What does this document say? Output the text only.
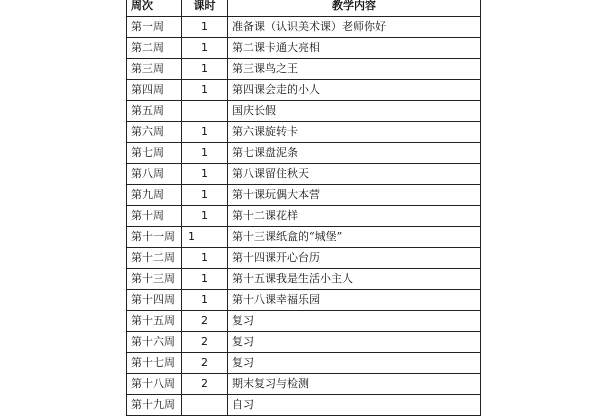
周次	课时	教学内容
第一周	1	准备课（认识美术课）老师你好
第二周	1	第二课卡通大亮相
第三周	1	第三课鸟之王
第四周	1	第四课会走的小人
第五周		国庆长假
第六周	1	第六课旋转卡
第七周	1	第七课盘泥条
第八周	1	第八课留住秋天
第九周	1	第十课玩偶大本营
第十周	1	第十二课花样
第十一周	1	第十三课纸盒的“城堡”
第十二周	1	第十四课开心台历
第十三周	1	第十五课我是生活小主人
第十四周	1	第十八课幸福乐园
第十五周	2	复习
第十六周	2	复习
第十七周	2	复习
第十八周	2	期末复习与检测
第十九周		自习
